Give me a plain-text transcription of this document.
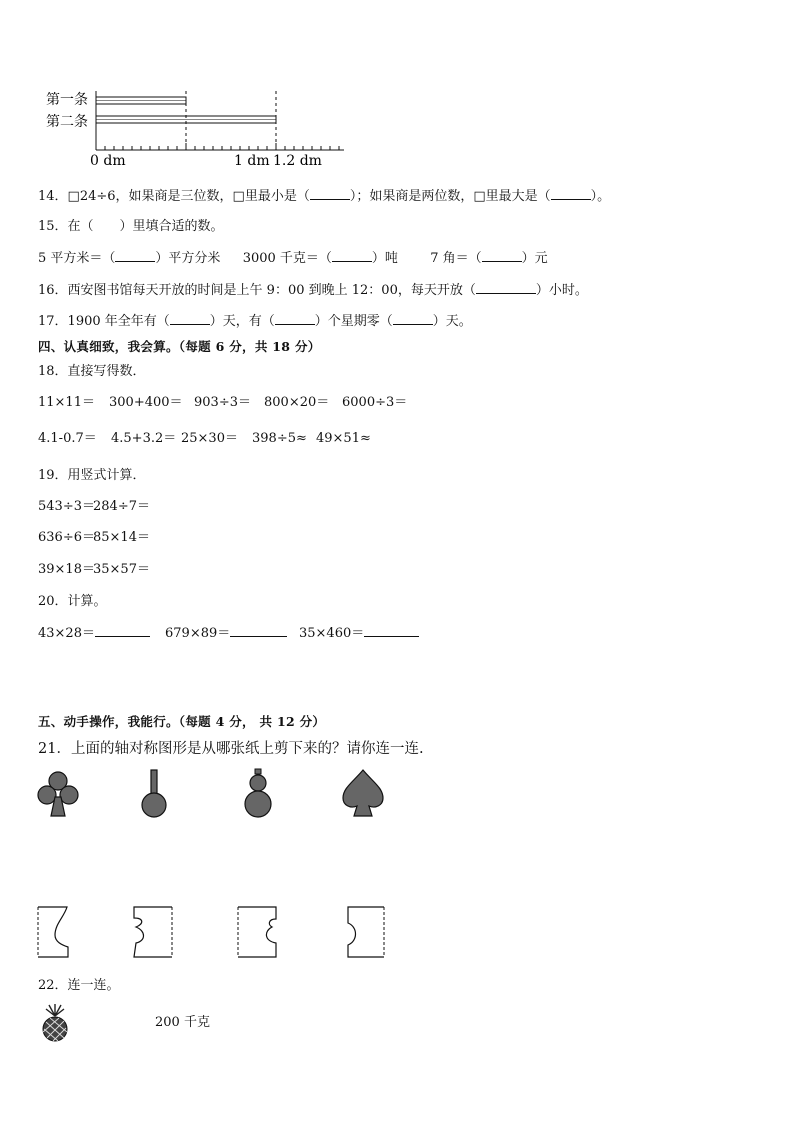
第一条
第二条
0 dm	1 dm 1.2 dm
14．□24÷6，如果商是三位数，□里最小是（	）；如果商是两位数，□里最大是（	）。
15．在（　　）里填合适的数。
5 平方米＝（	）平方分米 3000 千克＝（	）吨 7 角＝（	）元
16．西安图书馆每天开放的时间是上午 9：00 到晚上 12：00，每天开放（	）小时。
17．1900 年全年有（	）天，有（	）个星期零（	）天。
四、认真细致，我会算。（每题 6 分，共 18 分）
18．直接写得数．
11×11＝ 300+400＝ 903÷3＝ 800×20＝ 6000÷3＝
4.1-0.7＝ 4.5+3.2＝ 25×30＝ 398÷5≈ 49×51≈
19．用竖式计算．
543÷3＝
284÷7＝
636÷6＝
85×14＝
39×18＝
35×57＝
20．计算。
43×28＝	679×89＝	35×460＝
五、动手操作，我能行。（每题 4 分， 共 12 分）
21．上面的轴对称图形是从哪张纸上剪下来的？请你连一连.
22．连一连。
200 千克
